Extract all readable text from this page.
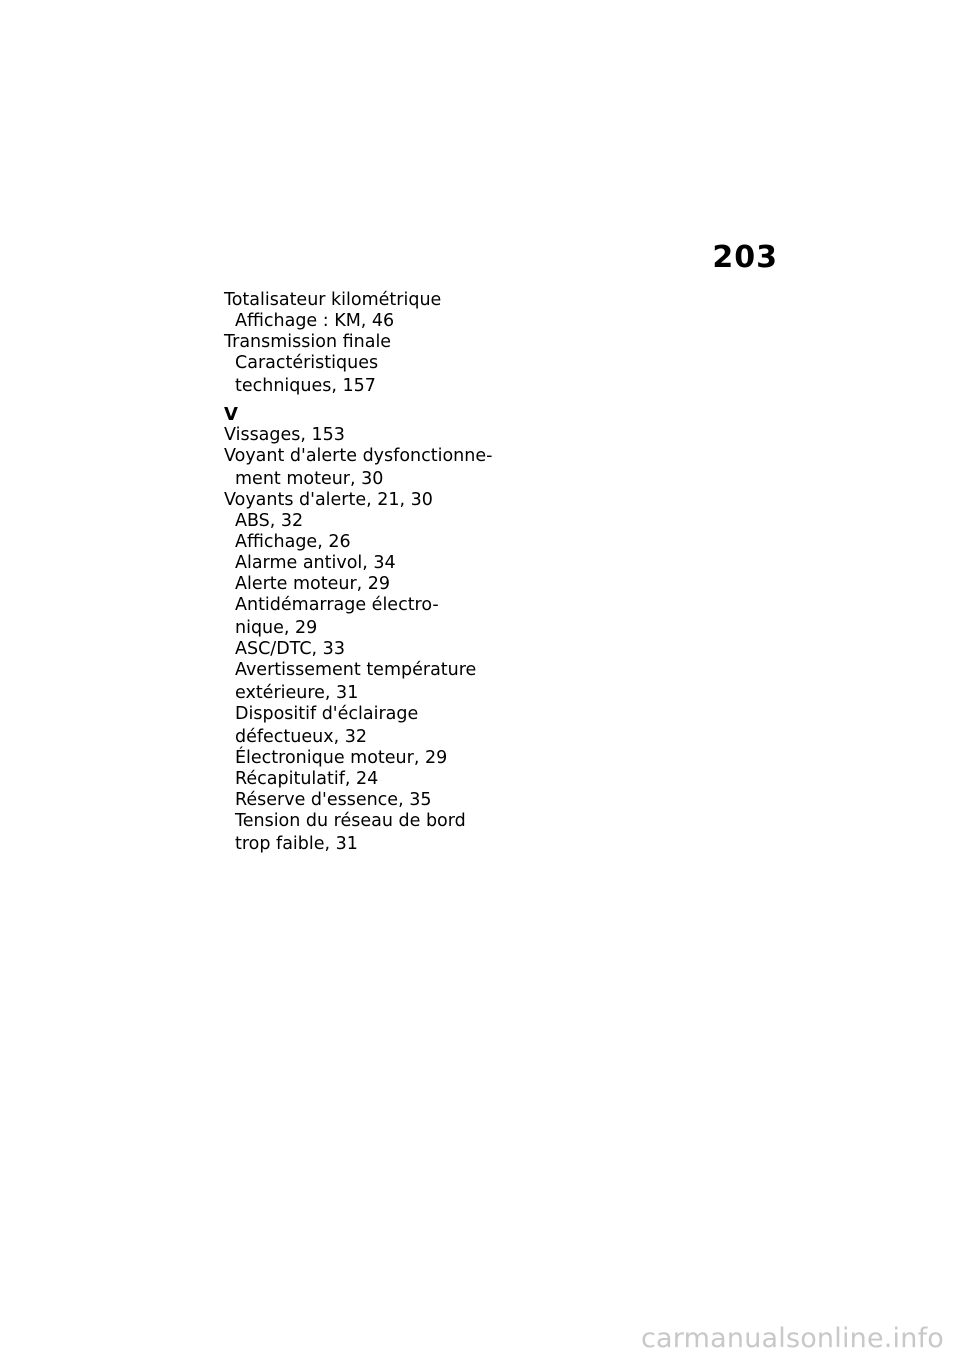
203
Totalisateur kilométrique
Affichage : KM, 46
Transmission finale
Caractéristiques
techniques, 157
V
Vissages, 153
Voyant d'alerte dysfonctionne-
ment moteur, 30
Voyants d'alerte, 21, 30
ABS, 32
Affichage, 26
Alarme antivol, 34
Alerte moteur, 29
Antidémarrage électro-
nique, 29
ASC/DTC, 33
Avertissement température
extérieure, 31
Dispositif d'éclairage
défectueux, 32
Électronique moteur, 29
Récapitulatif, 24
Réserve d'essence, 35
Tension du réseau de bord
trop faible, 31
carmanualsonline.info
